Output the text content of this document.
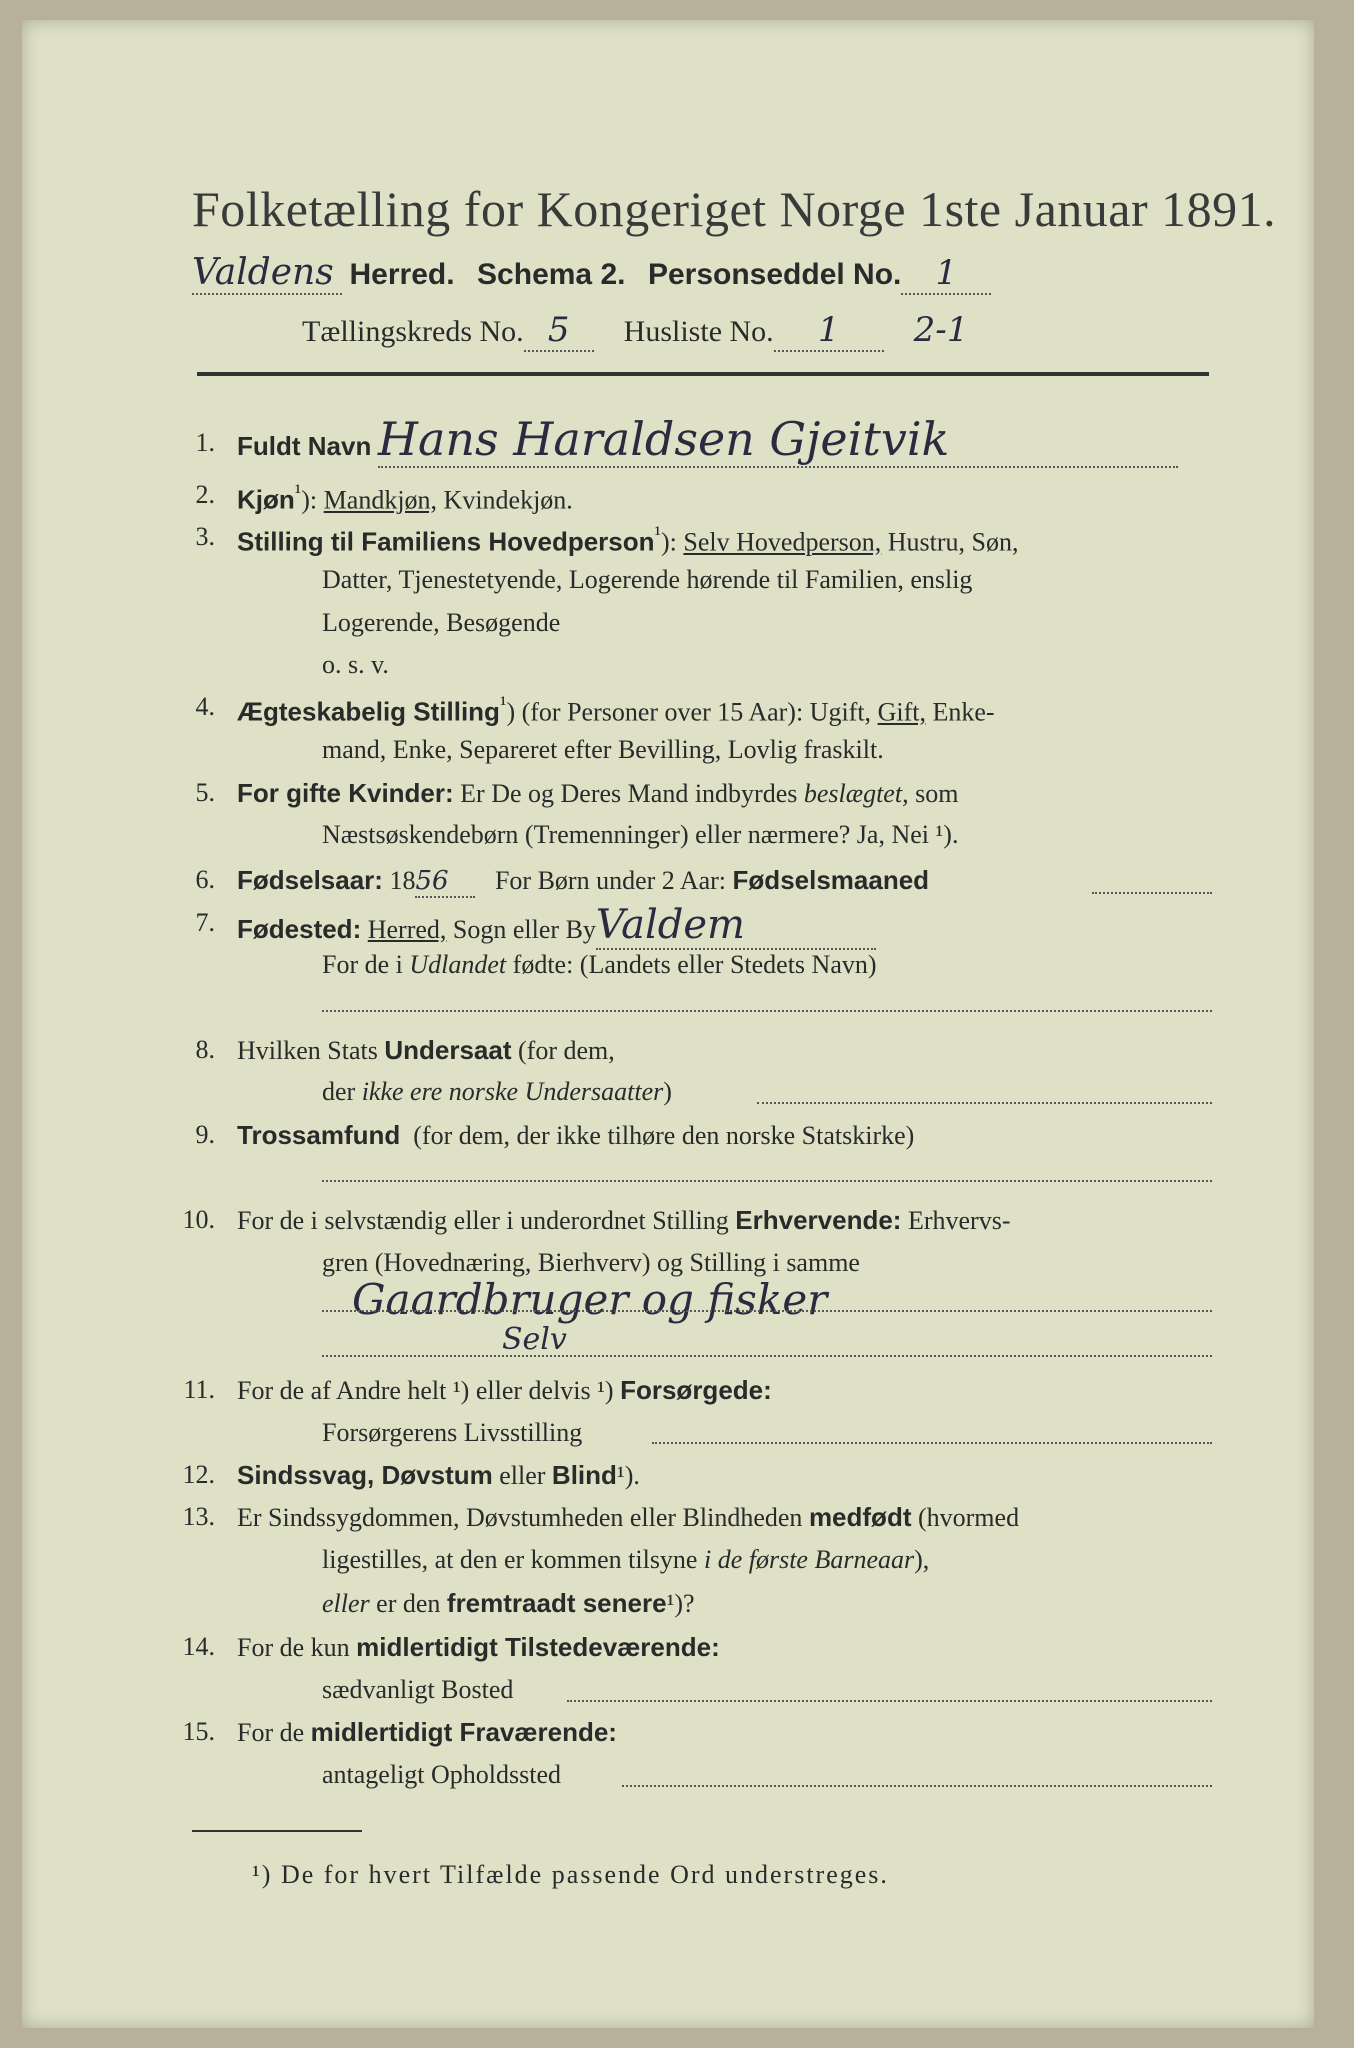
Folketælling for Kongeriget Norge 1ste Januar 1891.
Valdens Herred. Schema 2. Personseddel No. 1
Tællingskreds No. 5 Husliste No. 1 2-1
1. Fuldt Navn Hans Haraldsen Gjeitvik
2. Kjøn$^{^1}$): Mandkjøn, Kvindekjøn.
3. Stilling til Familiens Hovedperson$^{^1}$): Selv Hovedperson, Hustru, Søn,
Datter, Tjenestetyende, Logerende hørende til Familien, enslig
Logerende, Besøgende
o. s. v.
4. Ægteskabelig Stilling$^{^1}$) (for Personer over 15 Aar): Ugift, Gift, Enke-
mand, Enke, Separeret efter Bevilling, Lovlig fraskilt.
5. For gifte Kvinder: Er De og Deres Mand indbyrdes beslægtet, som
Næstsøskendebørn (Tremenninger) eller nærmere? Ja, Nei ¹).
6. Fødselsaar: 1856 For Børn under 2 Aar: Fødselsmaaned
7. Fødested: Herred, Sogn eller ByValdem
For de i Udlandet fødte: (Landets eller Stedets Navn)
8. Hvilken Stats Undersaat (for dem,
der ikke ere norske Undersaatter)
9. Trossamfund (for dem, der ikke tilhøre den norske Statskirke)
10. For de i selvstændig eller i underordnet Stilling Erhvervende: Erhvervs-
gren (Hovednæring, Bierhverv) og Stilling i samme
Gaardbruger og fisker
Selv
11. For de af Andre helt ¹) eller delvis ¹) Forsørgede:
Forsørgerens Livsstilling
12. Sindssvag, Døvstum eller Blind¹).
13. Er Sindssygdommen, Døvstumheden eller Blindheden medfødt (hvormed
ligestilles, at den er kommen tilsyne i de første Barneaar),
eller er den fremtraadt senere¹)?
14. For de kun midlertidigt Tilstedeværende:
sædvanligt Bosted
15. For de midlertidigt Fraværende:
antageligt Opholdssted
¹) De for hvert Tilfælde passende Ord understreges.
